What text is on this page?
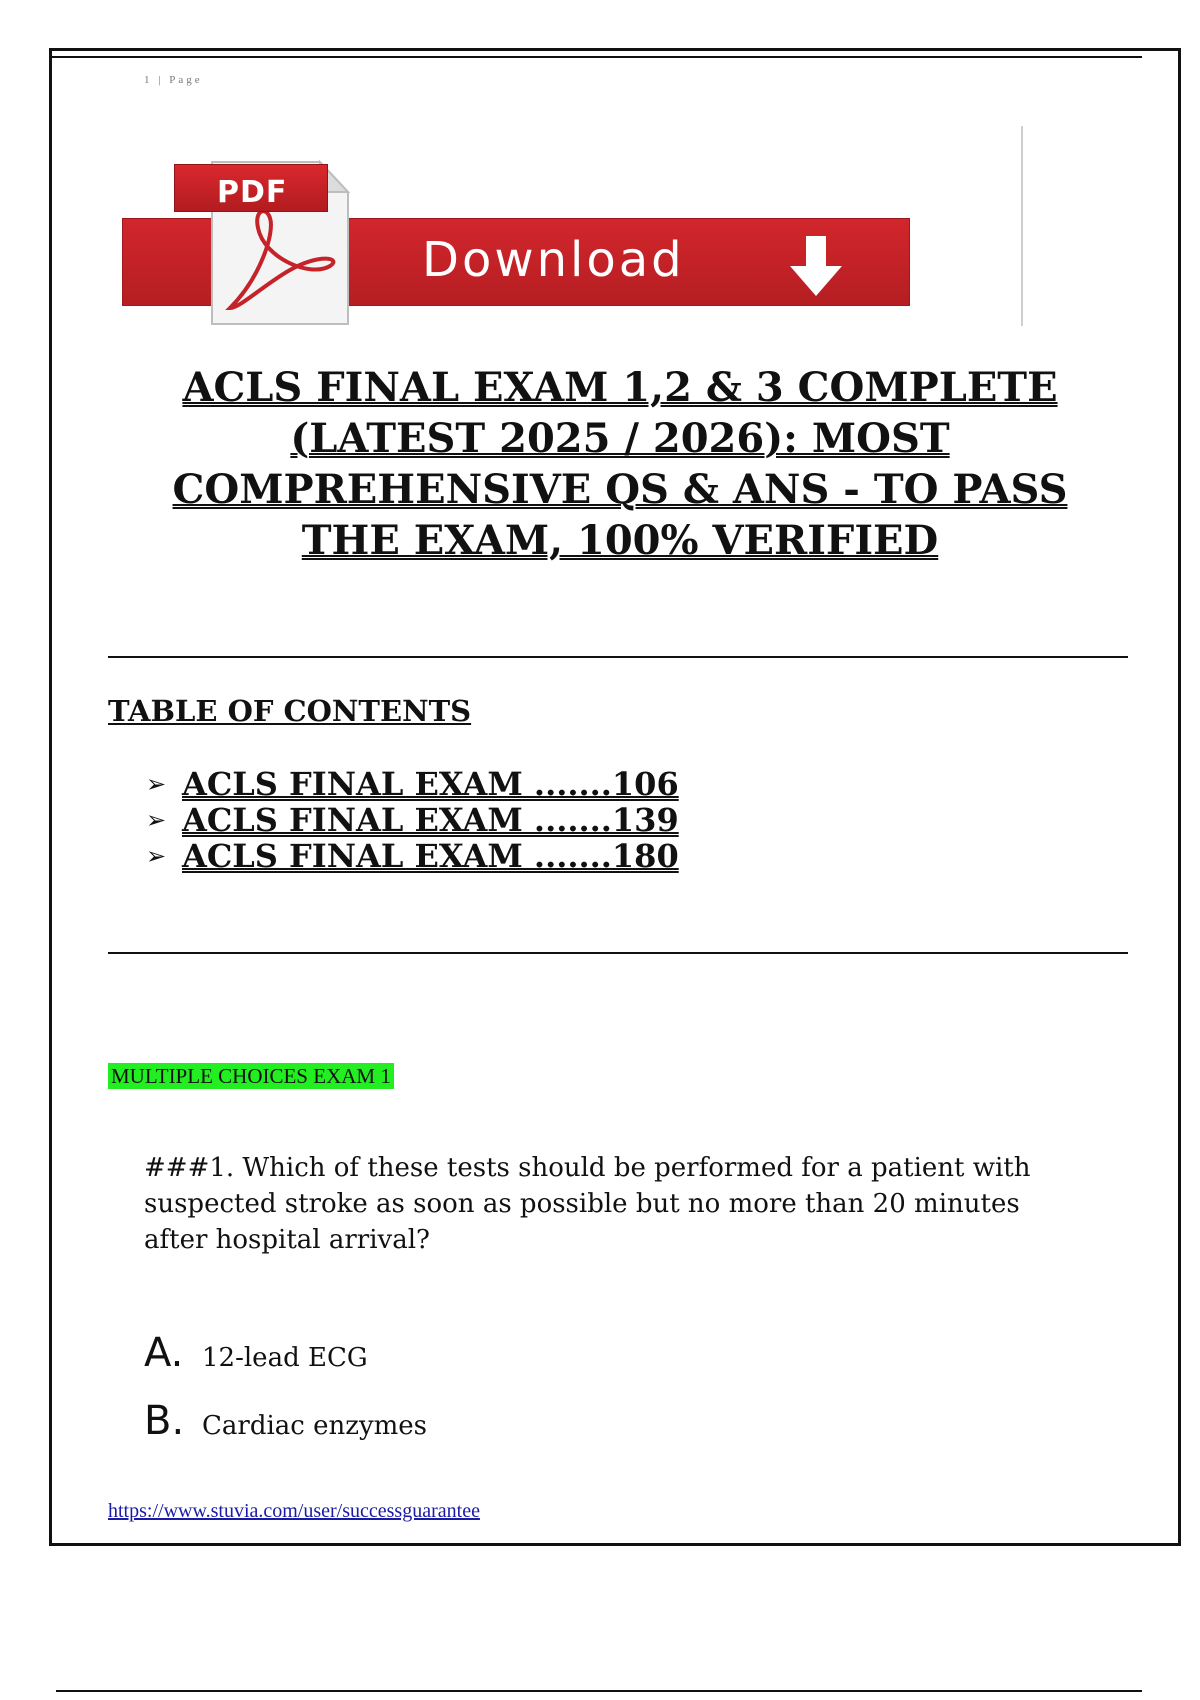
1 | Page
Download
PDF
ACLS FINAL EXAM 1,2 & 3 COMPLETE
(LATEST 2025 / 2026): MOST
COMPREHENSIVE QS & ANS - TO PASS
THE EXAM, 100% VERIFIED
TABLE OF CONTENTS
➢ ACLS FINAL EXAM .......106
➢ ACLS FINAL EXAM .......139
➢ ACLS FINAL EXAM .......180
MULTIPLE CHOICES EXAM 1

###1. Which of these tests should be performed for a patient with suspected stroke as soon as possible but no more than 20 minutes after hospital arrival?

A. 12-lead ECG
B. Cardiac enzymes
https://www.stuvia.com/user/successguarantee
